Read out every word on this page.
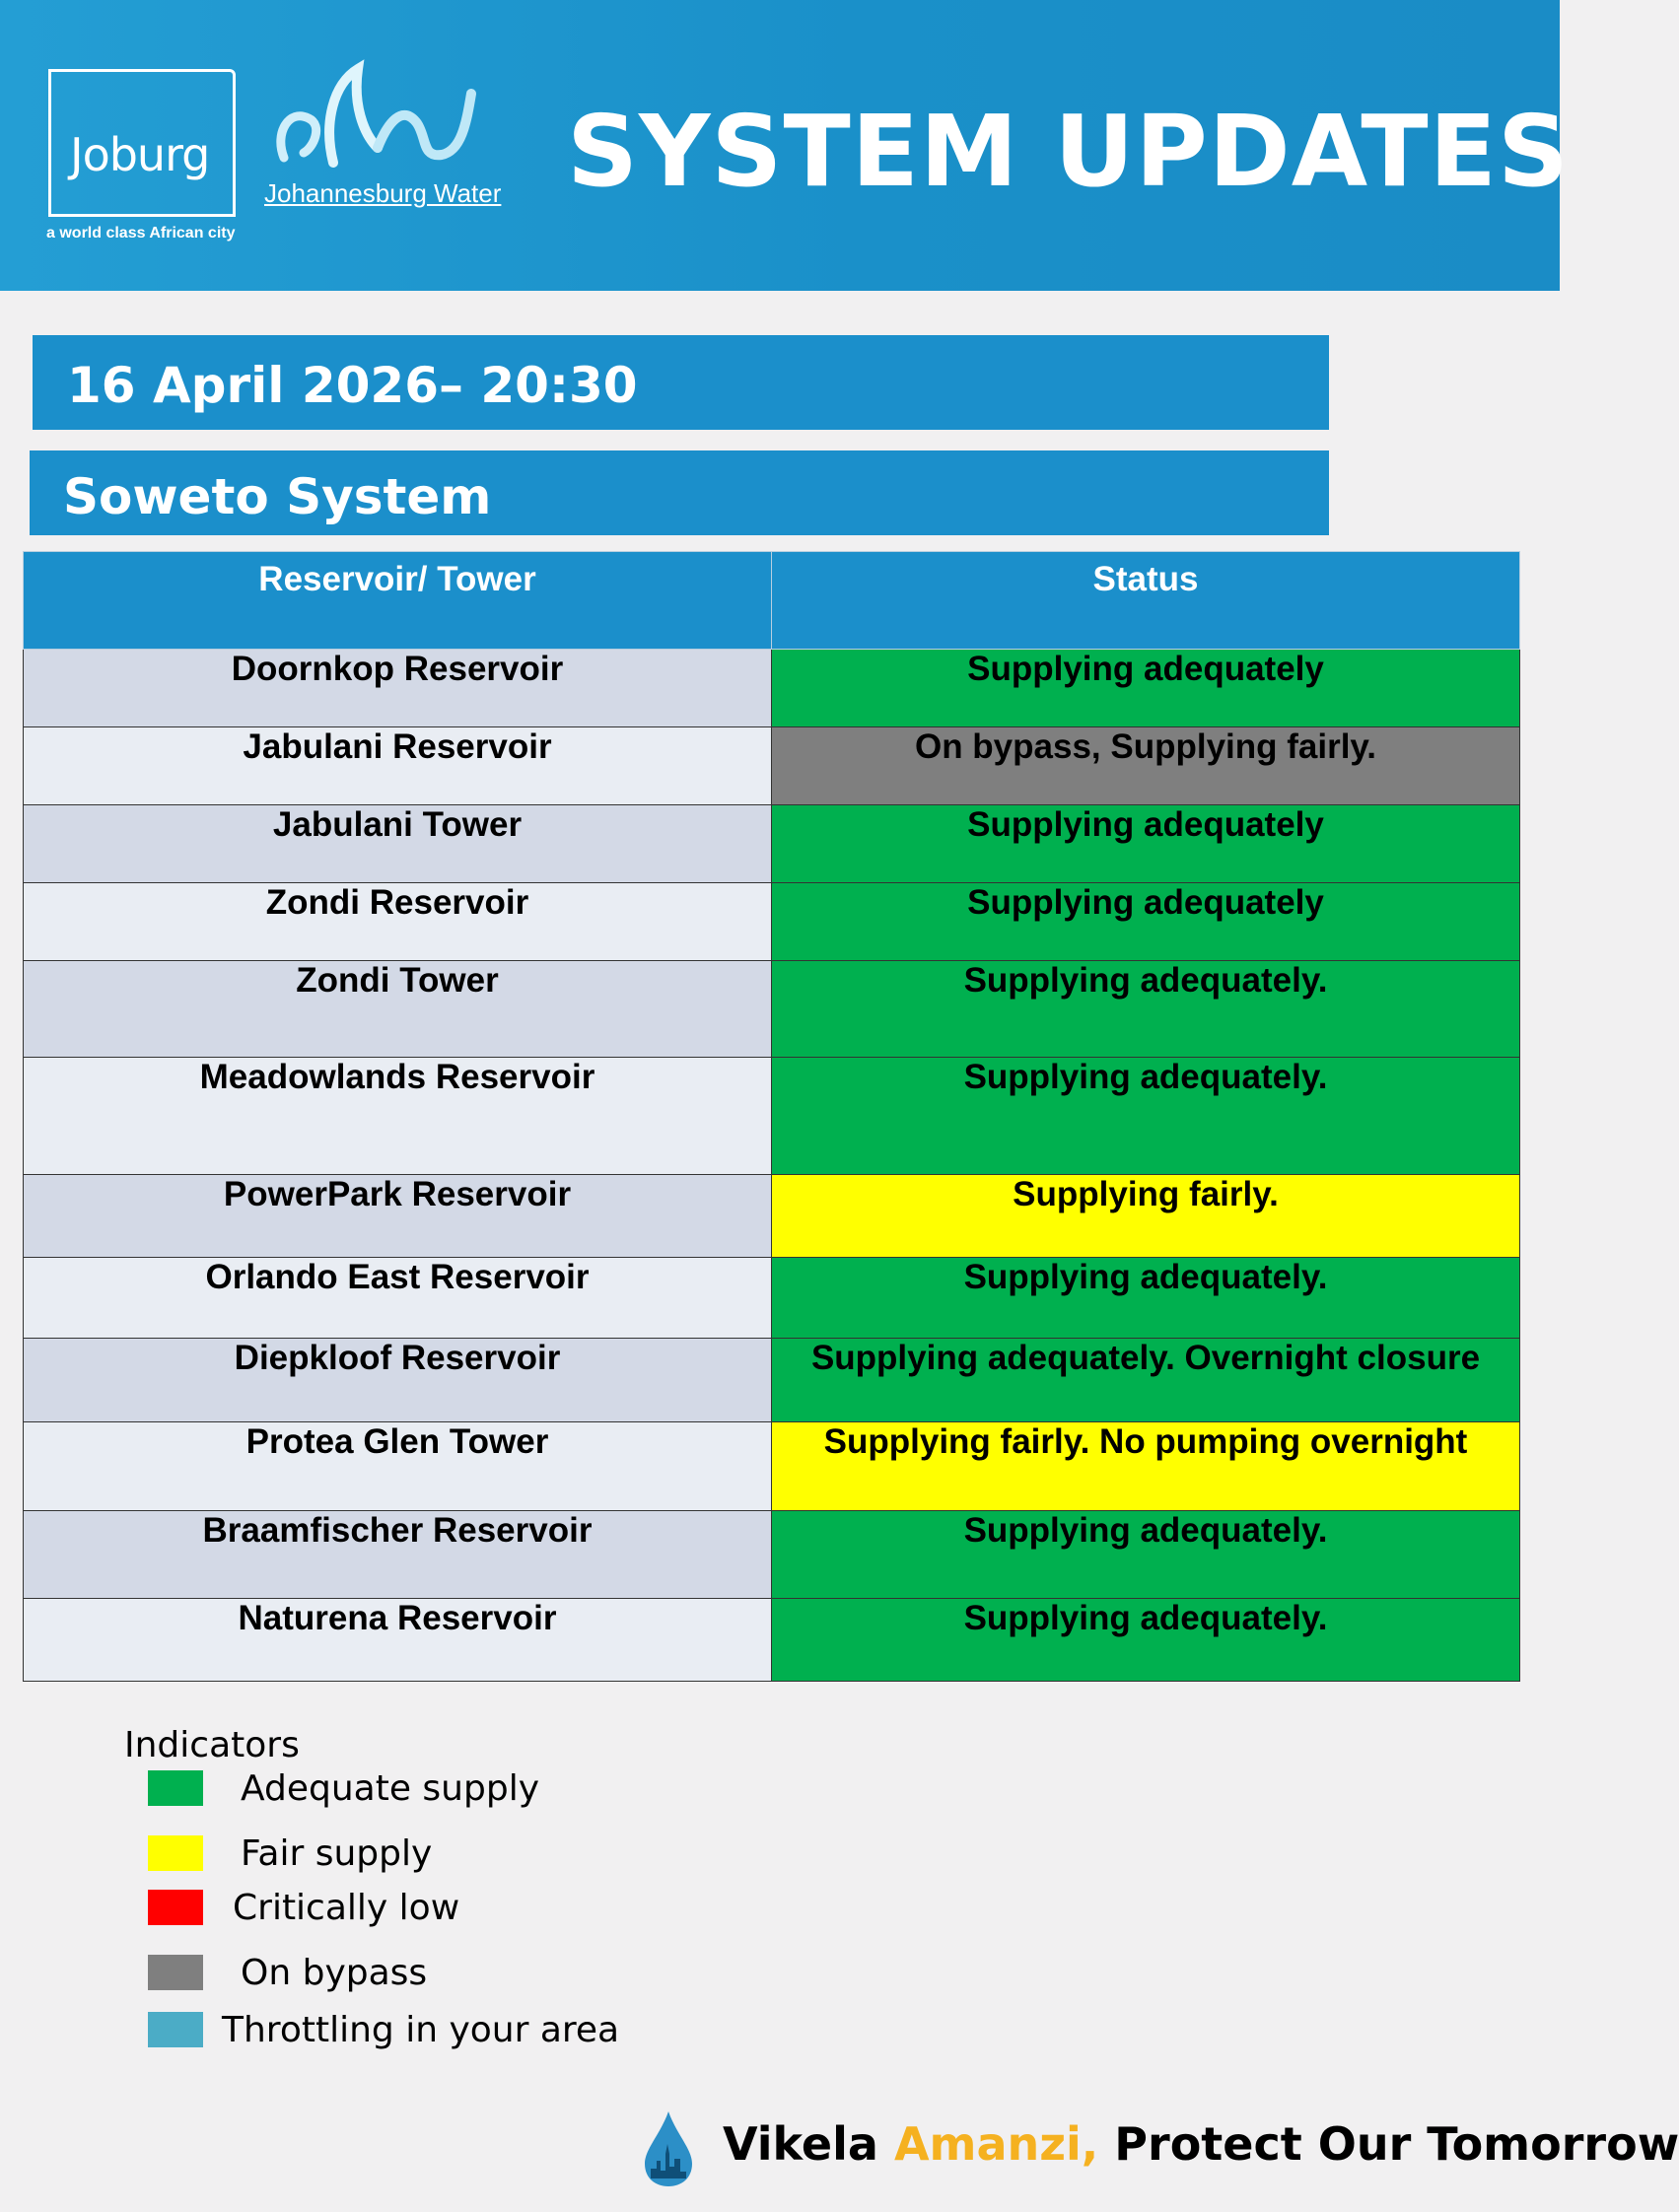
Joburg
a world class African city
Johannesburg Water SYSTEM UPDATES
16 April 2026– 20:30
Soweto System
Reservoir/ Tower	Status
Doornkop Reservoir	Supplying adequately
Jabulani Reservoir	On bypass, Supplying fairly.
Jabulani Tower	Supplying adequately
Zondi Reservoir	Supplying adequately
Zondi Tower	Supplying adequately.
Meadowlands Reservoir	Supplying adequately.
PowerPark Reservoir	Supplying fairly.
Orlando East Reservoir	Supplying adequately.
Diepkloof Reservoir	Supplying adequately. Overnight closure
Protea Glen Tower	Supplying fairly. No pumping overnight
Braamfischer Reservoir	Supplying adequately.
Naturena Reservoir	Supplying adequately.
Indicators
Adequate supply
Fair supply
Critically low
On bypass
Throttling in your area
Vikela Amanzi, Protect Our Tomorrow
